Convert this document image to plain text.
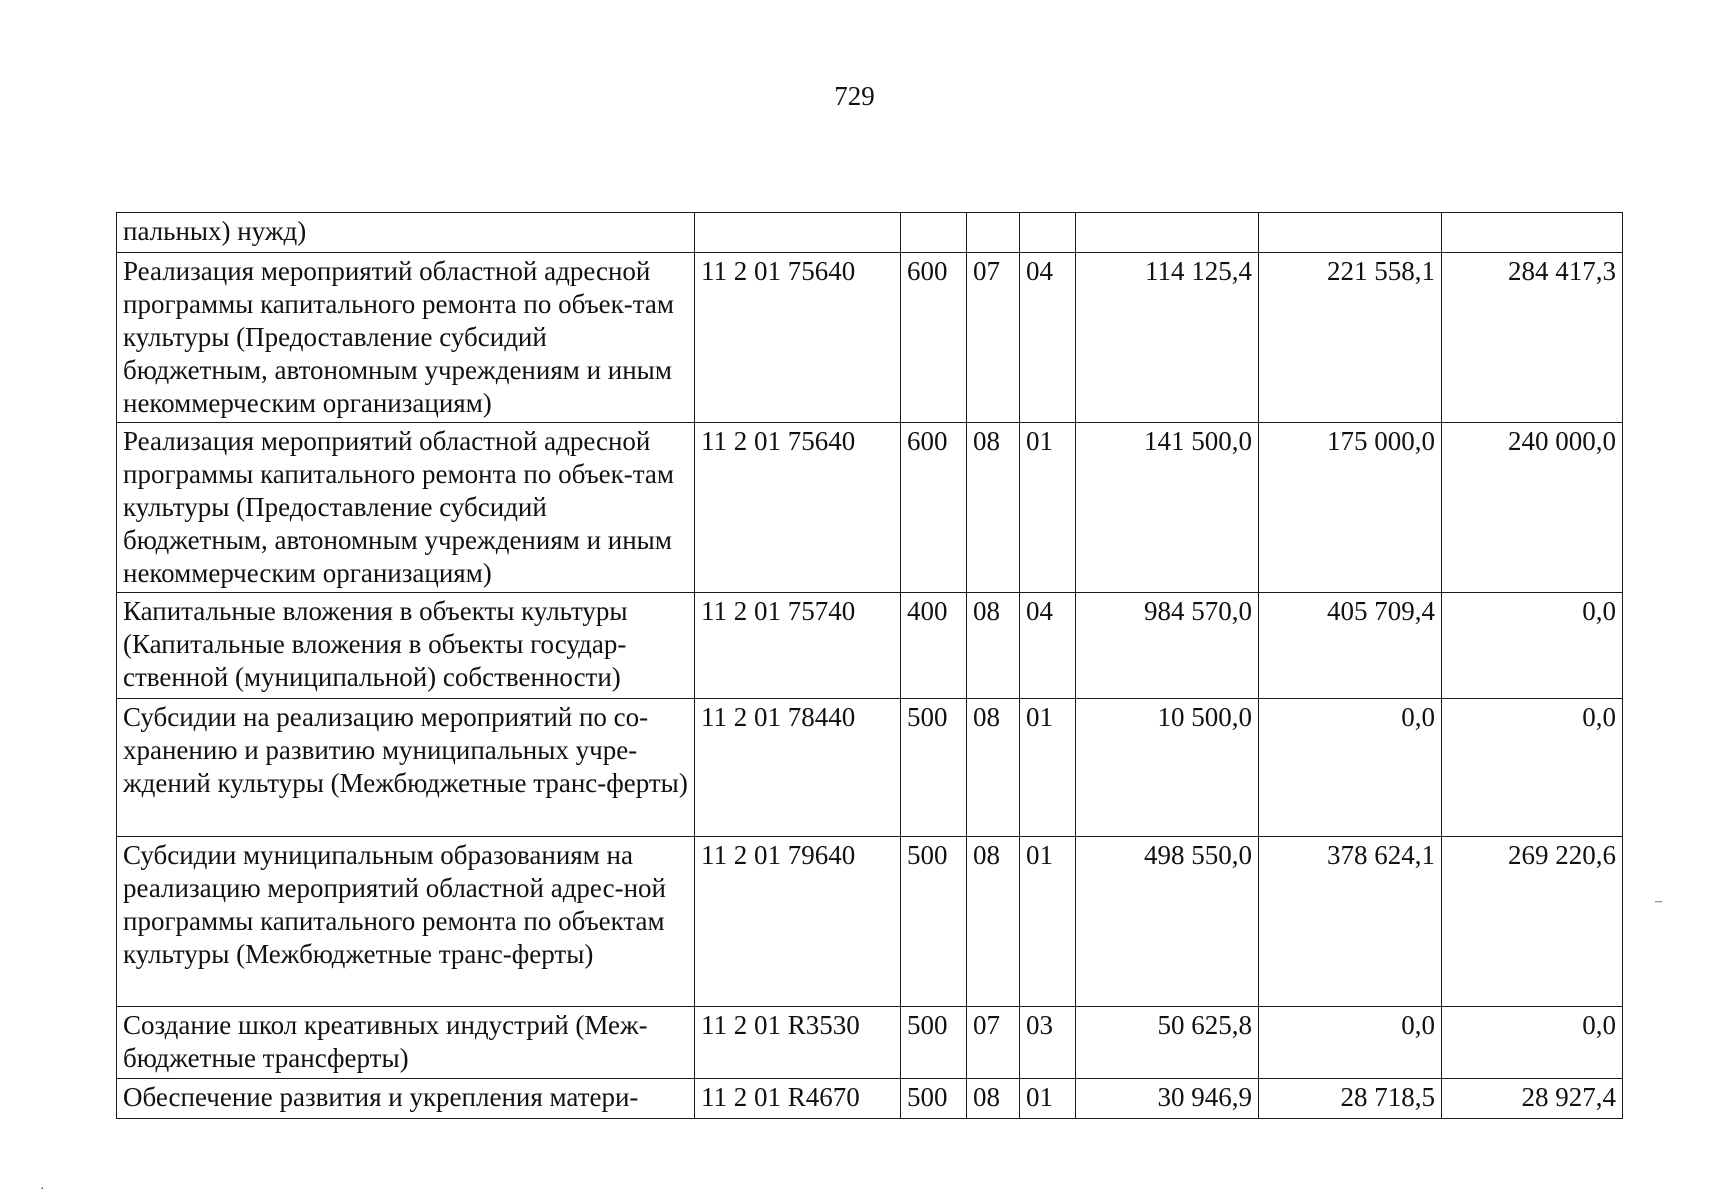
729
пальных) нужд)							
Реализация мероприятий областной адресной программы капитального ремонта по объек-там культуры (Предоставление субсидий бюджетным, автономным учреждениям и иным некоммерческим организациям)	11 2 01 75640	600	07	04	114 125,4	221 558,1	284 417,3
Реализация мероприятий областной адресной программы капитального ремонта по объек-там культуры (Предоставление субсидий бюджетным, автономным учреждениям и иным некоммерческим организациям)	11 2 01 75640	600	08	01	141 500,0	175 000,0	240 000,0
Капитальные вложения в объекты культуры (Капитальные вложения в объекты государ-ственной (муниципальной) собственности)	11 2 01 75740	400	08	04	984 570,0	405 709,4	0,0
Субсидии на реализацию мероприятий по со-хранению и развитию муниципальных учре-ждений культуры (Межбюджетные транс-ферты)	11 2 01 78440	500	08	01	10 500,0	0,0	0,0
Субсидии муниципальным образованиям на реализацию мероприятий областной адрес-ной программы капитального ремонта по объектам культуры (Межбюджетные транс-ферты)	11 2 01 79640	500	08	01	498 550,0	378 624,1	269 220,6
Создание школ креативных индустрий (Меж-бюджетные трансферты)	11 2 01 R3530	500	07	03	50 625,8	0,0	0,0
Обеспечение развития и укрепления матери-	11 2 01 R4670	500	08	01	30 946,9	28 718,5	28 927,4
–
·
